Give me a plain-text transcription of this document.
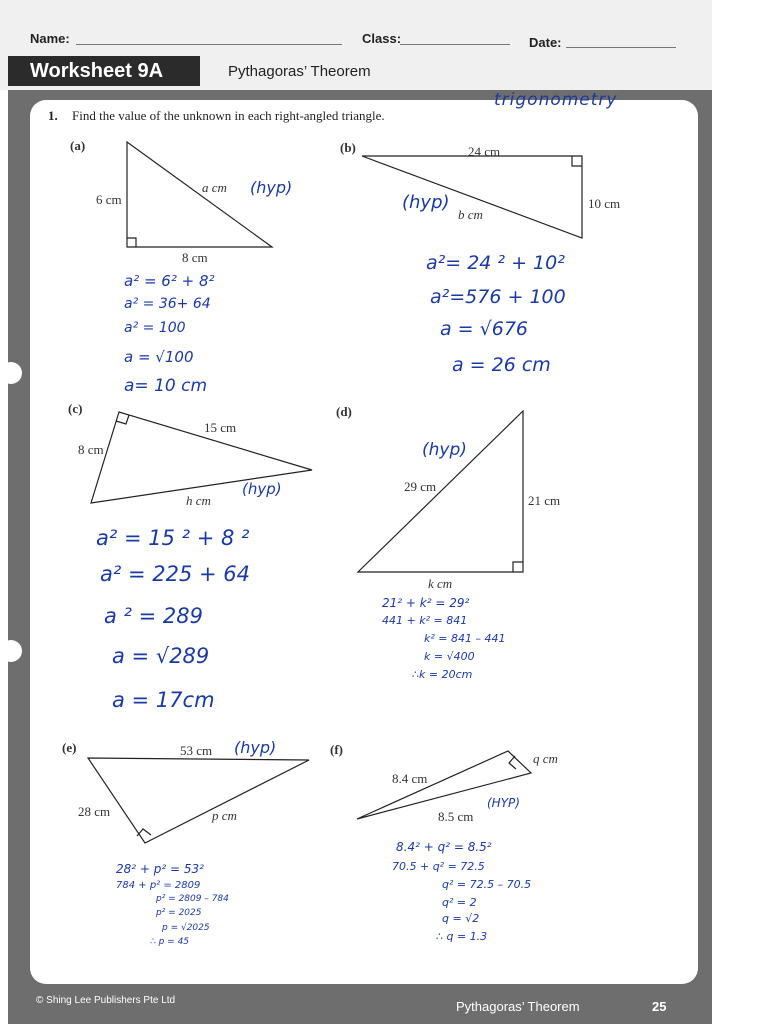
Name:	Class:	Date:
Worksheet 9A	Pythagoras’ Theorem
1. Find the value of the unknown in each right-angled triangle.
trigonometry
(a)	(b)
(c)	(d)
(e)	(f)
6 cm
8 cm
a cm (hyp)
a² = 6² + 8²
a² = 36+ 64
a² = 100
a = √100
a= 10 cm
24 cm
10 cm
b cm
(hyp)
a²= 24 ² + 10²
a²=576 + 100
a = √676
a = 26 cm
8 cm
15 cm
h cm
(hyp)
a² = 15 ² + 8 ²
a² = 225 + 64
a ² = 289
a = √289
a = 17cm
29 cm
21 cm
k cm
(hyp)
21² + k² = 29²
441 + k² = 841
k² = 841 – 441
k = √400
∴k = 20cm
53 cm
28 cm	p cm
(hyp)
28² + p² = 53²
784 + p² = 2809
p² = 2809 – 784
p² = 2025
p = √2025
∴ p = 45
q cm
8.4 cm
8.5 cm
(HYP)
8.4² + q² = 8.5²
70.5 + q² = 72.5
q² = 72.5 – 70.5
q² = 2
q = √2
∴ q = 1.3
© Shing Lee Publishers Pte Ltd	Pythagoras’ Theorem	25
